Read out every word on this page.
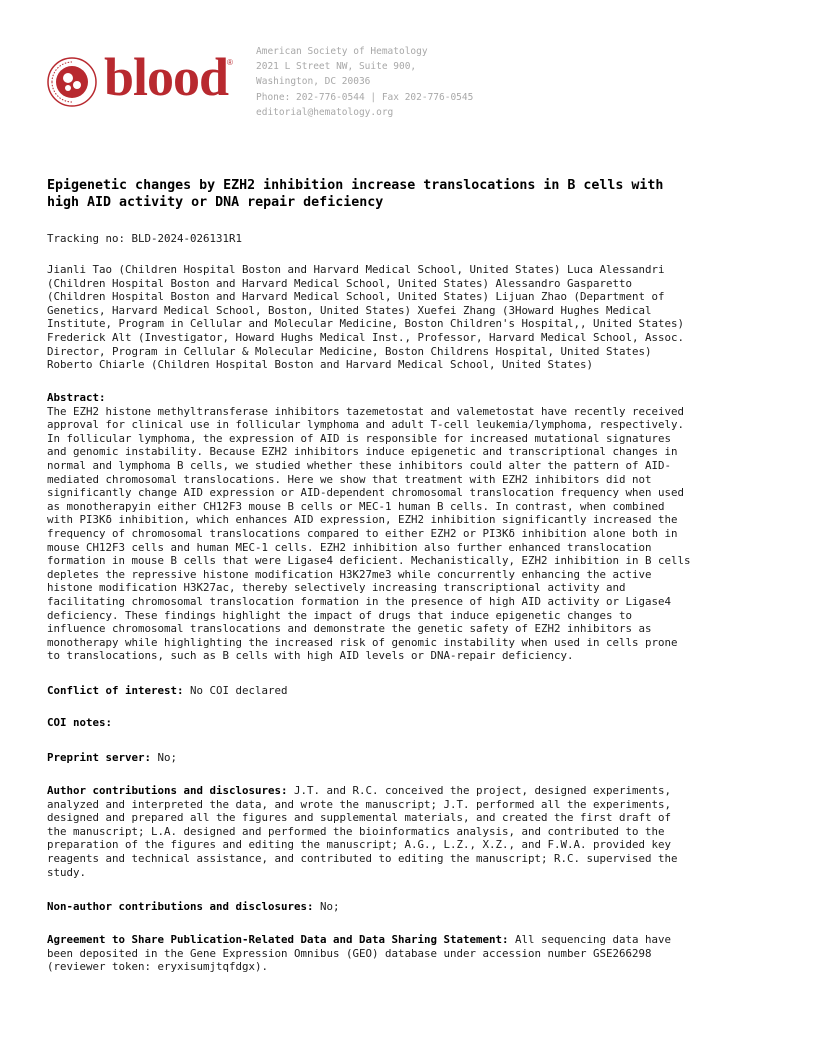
blood
®
American Society of Hematology
2021 L Street NW, Suite 900,
Washington, DC 20036
Phone: 202-776-0544 | Fax 202-776-0545
editorial@hematology.org
Epigenetic changes by EZH2 inhibition increase translocations in B cells with
high AID activity or DNA repair deficiency
Tracking no: BLD-2024-026131R1
Jianli Tao (Children Hospital Boston and Harvard Medical School, United States) Luca Alessandri
(Children Hospital Boston and Harvard Medical School, United States) Alessandro Gasparetto
(Children Hospital Boston and Harvard Medical School, United States) Lijuan Zhao (Department of
Genetics, Harvard Medical School, Boston, United States) Xuefei Zhang (3Howard Hughes Medical
Institute, Program in Cellular and Molecular Medicine, Boston Children's Hospital,, United States)
Frederick Alt (Investigator, Howard Hughs Medical Inst., Professor, Harvard Medical School, Assoc.
Director, Program in Cellular & Molecular Medicine, Boston Childrens Hospital, United States)
Roberto Chiarle (Children Hospital Boston and Harvard Medical School, United States)
Abstract:
The EZH2 histone methyltransferase inhibitors tazemetostat and valemetostat have recently received
approval for clinical use in follicular lymphoma and adult T-cell leukemia/lymphoma, respectively.
In follicular lymphoma, the expression of AID is responsible for increased mutational signatures
and genomic instability. Because EZH2 inhibitors induce epigenetic and transcriptional changes in
normal and lymphoma B cells, we studied whether these inhibitors could alter the pattern of AID-
mediated chromosomal translocations. Here we show that treatment with EZH2 inhibitors did not
significantly change AID expression or AID-dependent chromosomal translocation frequency when used
as monotherapyin either CH12F3 mouse B cells or MEC-1 human B cells. In contrast, when combined
with PI3Kδ inhibition, which enhances AID expression, EZH2 inhibition significantly increased the
frequency of chromosomal translocations compared to either EZH2 or PI3Kδ inhibition alone both in
mouse CH12F3 cells and human MEC-1 cells. EZH2 inhibition also further enhanced translocation
formation in mouse B cells that were Ligase4 deficient. Mechanistically, EZH2 inhibition in B cells
depletes the repressive histone modification H3K27me3 while concurrently enhancing the active
histone modification H3K27ac, thereby selectively increasing transcriptional activity and
facilitating chromosomal translocation formation in the presence of high AID activity or Ligase4
deficiency. These findings highlight the impact of drugs that induce epigenetic changes to
influence chromosomal translocations and demonstrate the genetic safety of EZH2 inhibitors as
monotherapy while highlighting the increased risk of genomic instability when used in cells prone
to translocations, such as B cells with high AID levels or DNA-repair deficiency.
Conflict of interest: No COI declared
COI notes:
Preprint server: No;
Author contributions and disclosures: J.T. and R.C. conceived the project, designed experiments,
analyzed and interpreted the data, and wrote the manuscript; J.T. performed all the experiments,
designed and prepared all the figures and supplemental materials, and created the first draft of
the manuscript; L.A. designed and performed the bioinformatics analysis, and contributed to the
preparation of the figures and editing the manuscript; A.G., L.Z., X.Z., and F.W.A. provided key
reagents and technical assistance, and contributed to editing the manuscript; R.C. supervised the
study.
Non-author contributions and disclosures: No;
Agreement to Share Publication-Related Data and Data Sharing Statement: All sequencing data have
been deposited in the Gene Expression Omnibus (GEO) database under accession number GSE266298
(reviewer token: eryxisumjtqfdgx).
